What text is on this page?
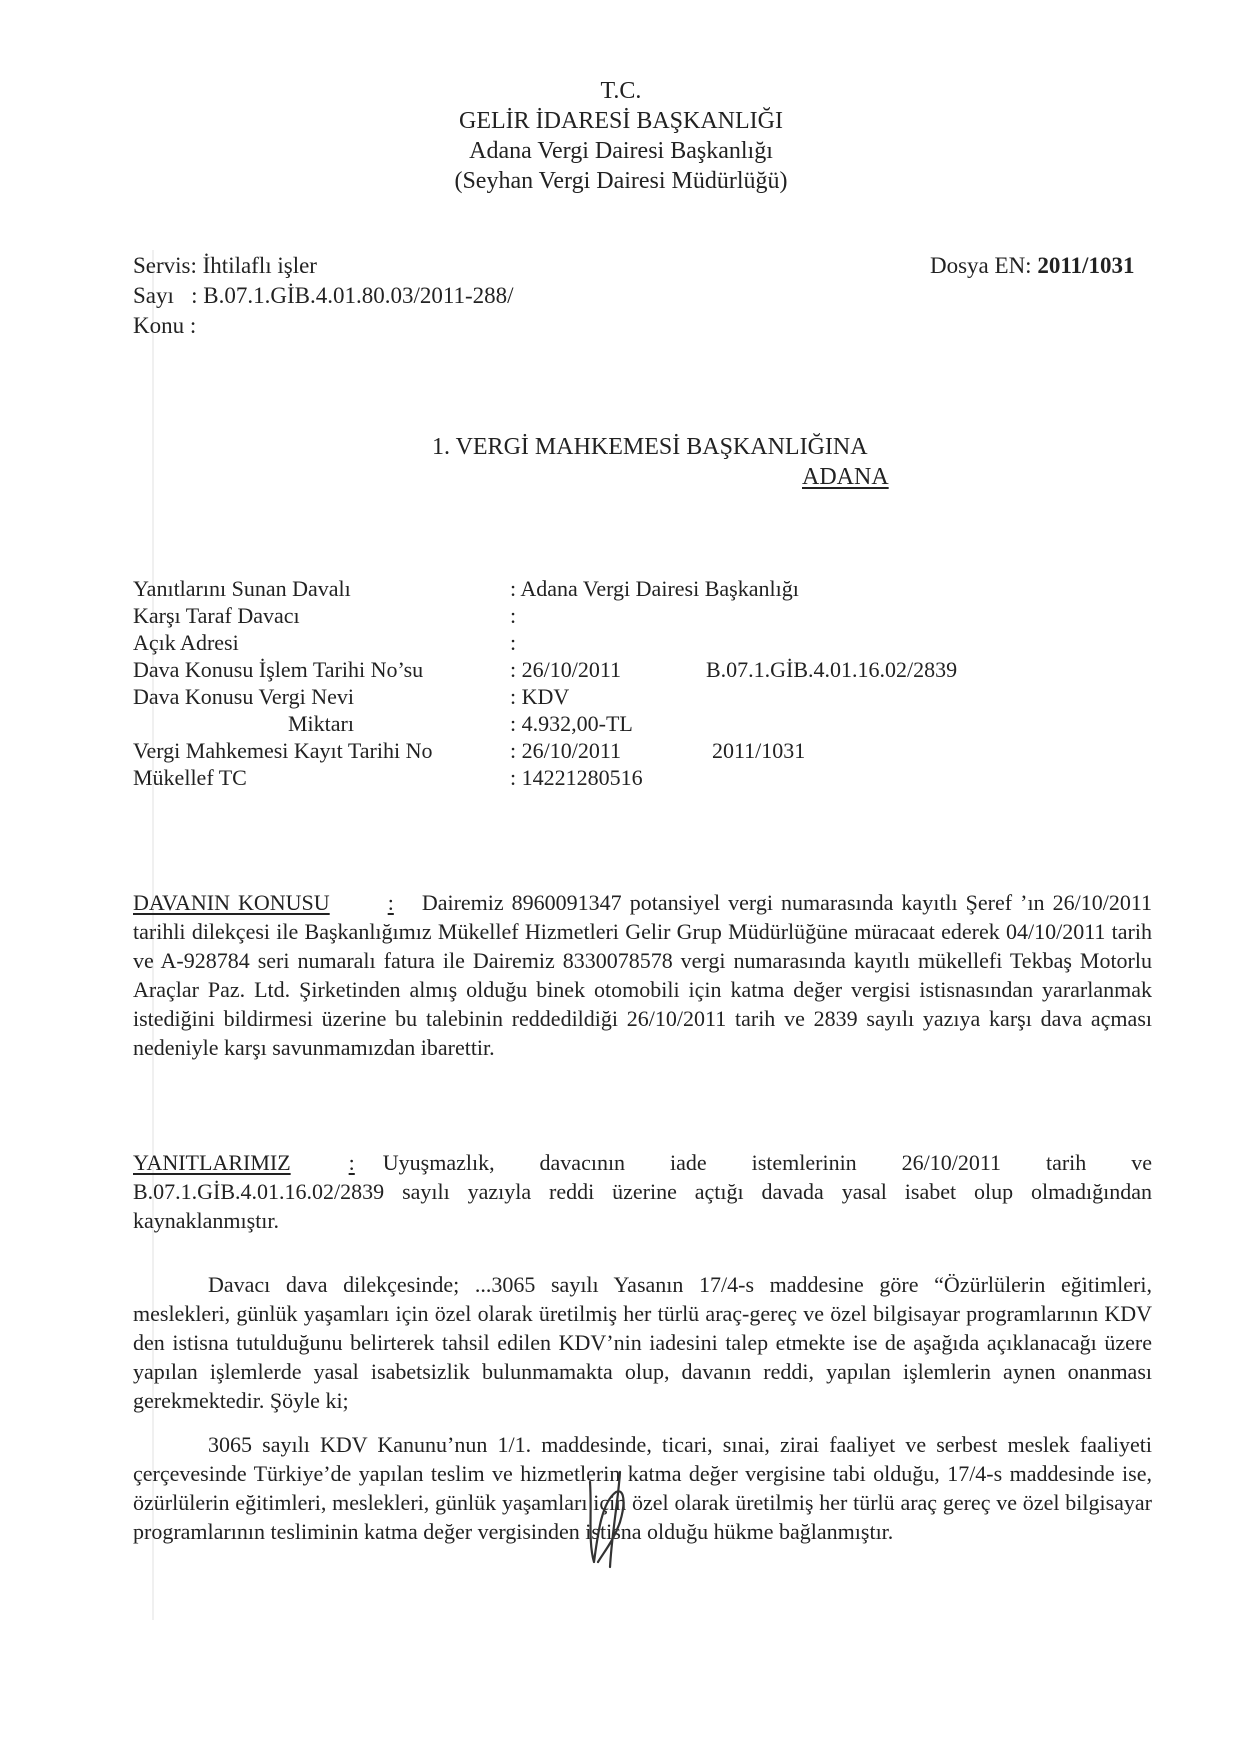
T.C.
GELİR İDARESİ BAŞKANLIĞI
Adana Vergi Dairesi Başkanlığı
(Seyhan Vergi Dairesi Müdürlüğü)
Servis: İhtilaflı işler
Sayı   : B.07.1.GİB.4.01.80.03/2011-288/
Konu :
Dosya EN: 2011/1031
1. VERGİ MAHKEMESİ BAŞKANLIĞINA
ADANA
Yanıtlarını Sunan Davalı	: Adana Vergi Dairesi Başkanlığı
Karşı Taraf Davacı	:
Açık Adresi	:
Dava Konusu İşlem Tarihi No’su	: 26/10/2011	B.07.1.GİB.4.01.16.02/2839
Dava Konusu Vergi Nevi	: KDV
Miktarı	: 4.932,00-TL
Vergi Mahkemesi Kayıt Tarihi No	: 26/10/2011	2011/1031
Mükellef TC	: 14221280516
DAVANIN KONUSU	: Dairemiz 8960091347 potansiyel vergi numarasında kayıtlı Şeref ’ın 26/10/2011 tarihli dilekçesi ile Başkanlığımız Mükellef Hizmetleri Gelir Grup Müdürlüğüne müracaat ederek 04/10/2011 tarih ve A-928784 seri numaralı fatura ile Dairemiz 8330078578 vergi numarasında kayıtlı mükellefi Tekbaş Motorlu Araçlar Paz. Ltd. Şirketinden almış olduğu binek otomobili için katma değer vergisi istisnasından yararlanmak istediğini bildirmesi üzerine bu talebinin reddedildiği 26/10/2011 tarih ve 2839 sayılı yazıya karşı dava açması nedeniyle karşı savunmamızdan ibarettir.
YANITLARIMIZ	: Uyuşmazlık, davacının iade istemlerinin 26/10/2011 tarih ve B.07.1.GİB.4.01.16.02/2839 sayılı yazıyla reddi üzerine açtığı davada yasal isabet olup olmadığından kaynaklanmıştır.
Davacı dava dilekçesinde; ...3065 sayılı Yasanın 17/4-s maddesine göre “Özürlülerin eğitimleri, meslekleri, günlük yaşamları için özel olarak üretilmiş her türlü araç-gereç ve özel bilgisayar programlarının KDV den istisna tutulduğunu belirterek tahsil edilen KDV’nin iadesini talep etmekte ise de aşağıda açıklanacağı üzere yapılan işlemlerde yasal isabetsizlik bulunmamakta olup, davanın reddi, yapılan işlemlerin aynen onanması gerekmektedir. Şöyle ki;
3065 sayılı KDV Kanunu’nun 1/1. maddesinde, ticari, sınai, zirai faaliyet ve serbest meslek faaliyeti çerçevesinde Türkiye’de yapılan teslim ve hizmetlerin katma değer vergisine tabi olduğu, 17/4-s maddesinde ise, özürlülerin eğitimleri, meslekleri, günlük yaşamları için özel olarak üretilmiş her türlü araç gereç ve özel bilgisayar programlarının tesliminin katma değer vergisinden istisna olduğu hükme bağlanmıştır.
